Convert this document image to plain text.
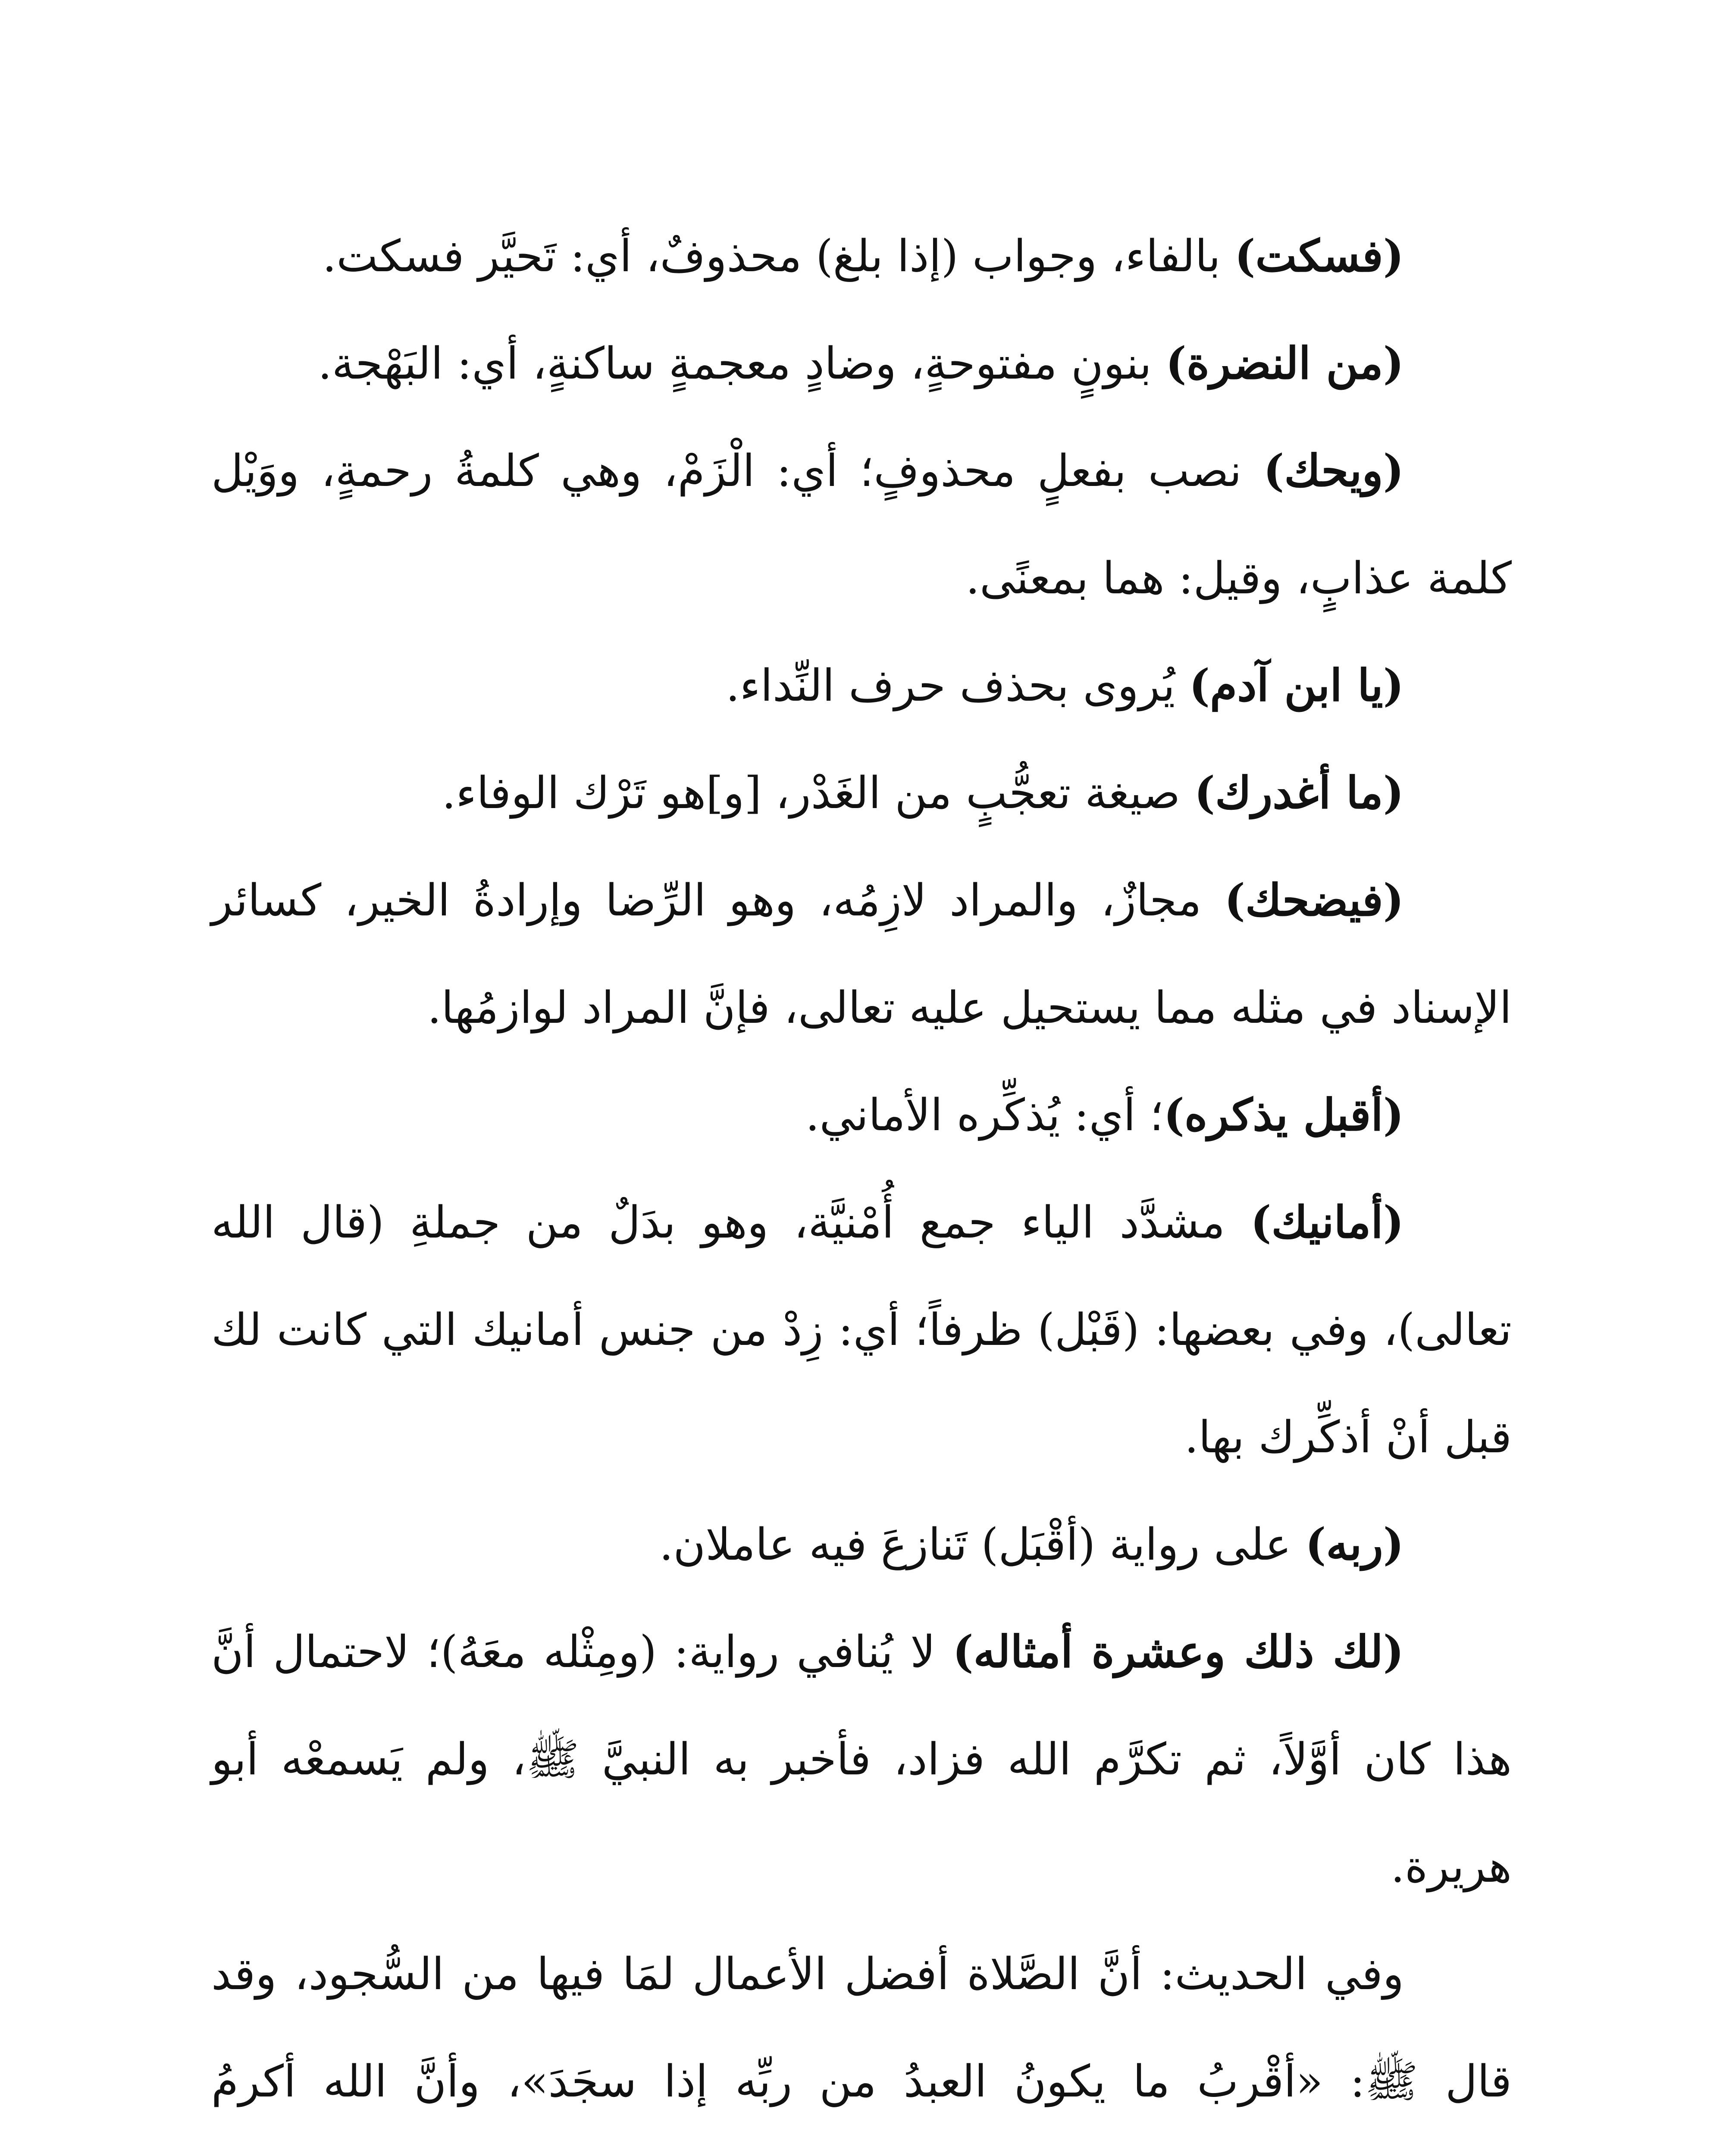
(فسكت) بالفاء، وجواب (إذا بلغ) محذوفٌ، أي: تَحيَّر فسكت.

(من النضرة) بنونٍ مفتوحةٍ، وضادٍ معجمةٍ ساكنةٍ، أي: البَهْجة.

(ويحك) نصب بفعلٍ محذوفٍ؛ أي: الْزَمْ، وهي كلمةُ رحمةٍ، ووَيْل كلمة عذابٍ، وقيل: هما بمعنًى.

(يا ابن آدم) يُروى بحذف حرف النِّداء.

(ما أغدرك) صيغة تعجُّبٍ من الغَدْر، [و]هو تَرْك الوفاء.

(فيضحك) مجازٌ، والمراد لازِمُه، وهو الرِّضا وإرادةُ الخير، كسائر الإسناد في مثله مما يستحيل عليه تعالى، فإنَّ المراد لوازمُها.

(أقبل يذكره)؛ أي: يُذكِّره الأماني.

(أمانيك) مشدَّد الياء جمع أُمْنيَّة، وهو بدَلٌ من جملةِ (قال الله تعالى)، وفي بعضها: (قَبْل) ظرفاً؛ أي: زِدْ من جنس أمانيك التي كانت لك قبل أنْ أذكِّرك بها.

(ربه) على رواية (أقْبَل) تَنازعَ فيه عاملان.

(لك ذلك وعشرة أمثاله) لا يُنافي رواية: (ومِثْله معَهُ)؛ لاحتمال أنَّ هذا كان أوَّلاً، ثم تكرَّم الله فزاد، فأخبر به النبيَّ ﷺ، ولم يَسمعْه أبو هريرة.

وفي الحديث: أنَّ الصَّلاة أفضل الأعمال لمَا فيها من السُّجود، وقد قال ﷺ: «أقْربُ ما يكونُ العبدُ من ربِّه إذا سجَدَ»، وأنَّ الله أكرمُ
